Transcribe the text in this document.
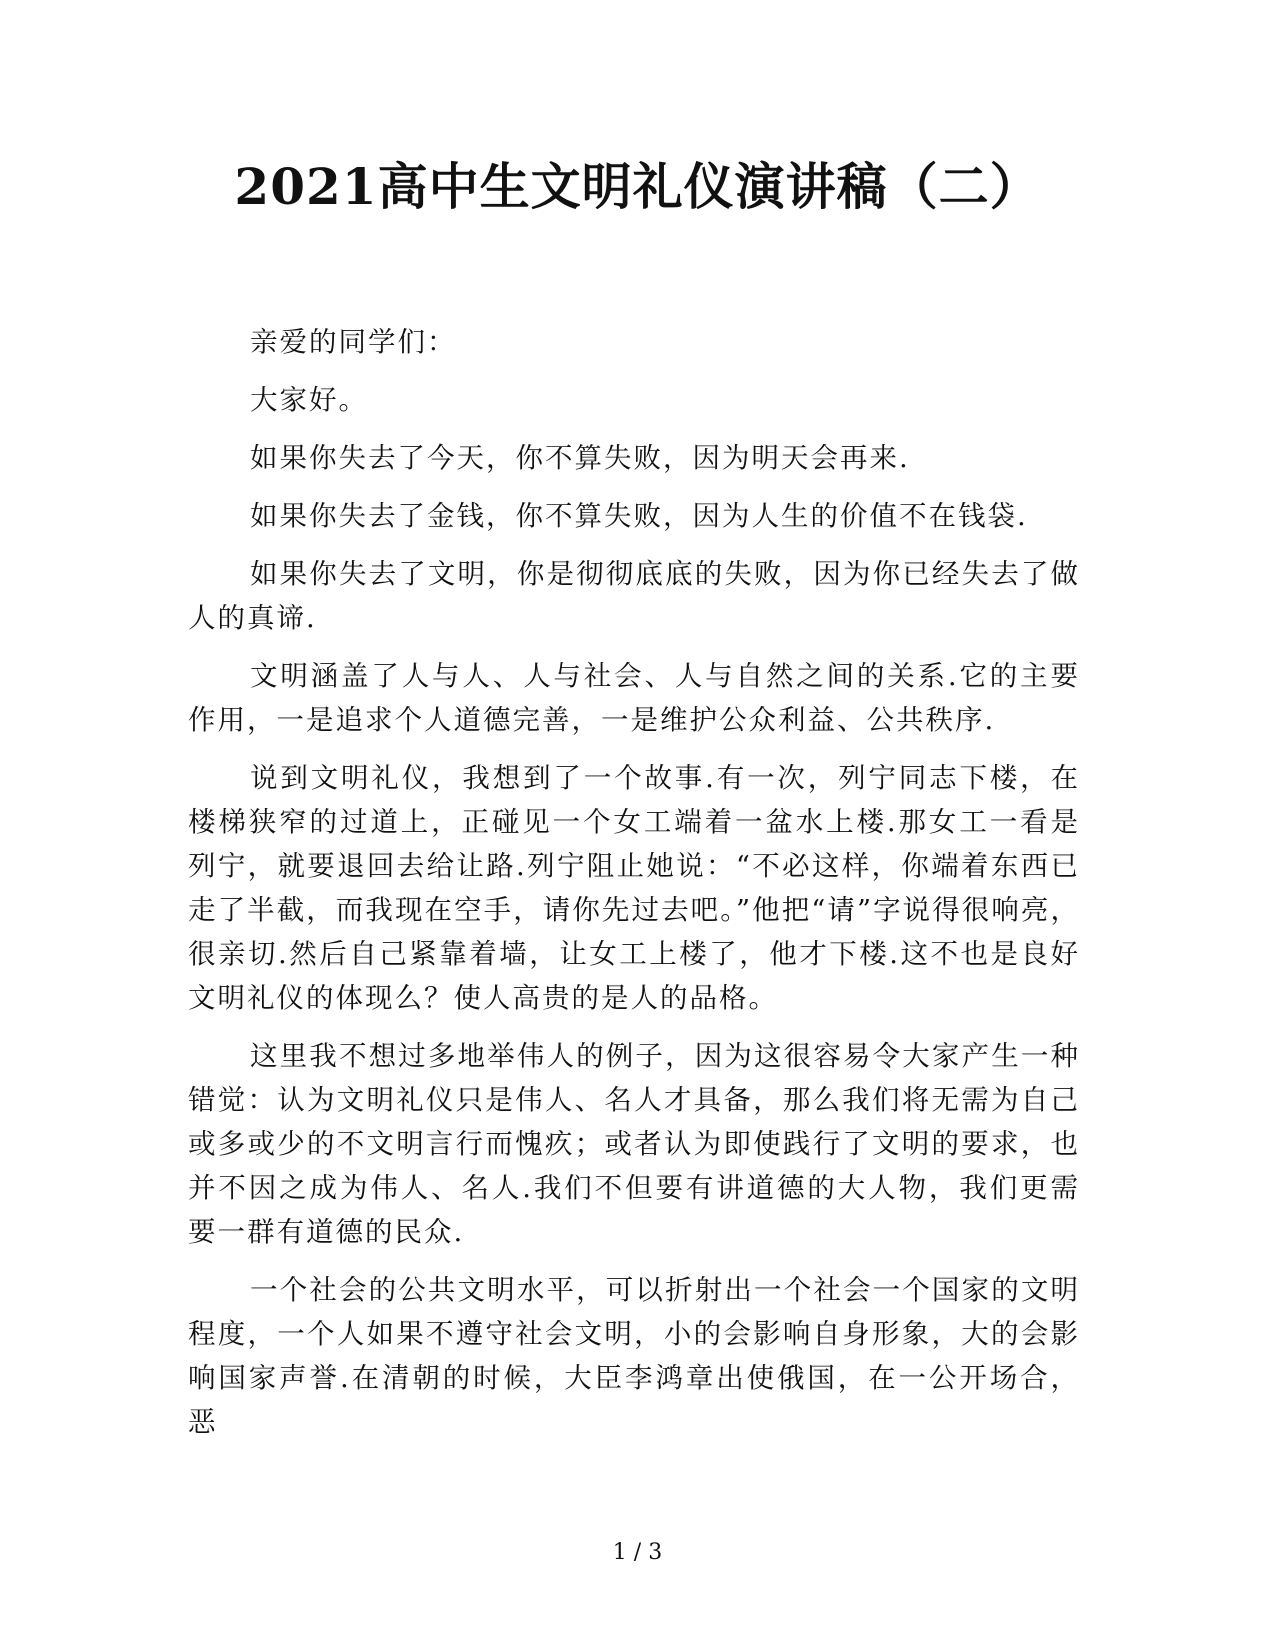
2021高中生文明礼仪演讲稿（二）

亲爱的同学们：

大家好。

如果你失去了今天，你不算失败，因为明天会再来.

如果你失去了金钱，你不算失败，因为人生的价值不在钱袋.

如果你失去了文明，你是彻彻底底的失败，因为你已经失去了做人的真谛.

文明涵盖了人与人、人与社会、人与自然之间的关系.它的主要作用，一是追求个人道德完善，一是维护公众利益、公共秩序.

说到文明礼仪，我想到了一个故事.有一次，列宁同志下楼，在楼梯狭窄的过道上，正碰见一个女工端着一盆水上楼.那女工一看是列宁，就要退回去给让路.列宁阻止她说：“不必这样，你端着东西已走了半截，而我现在空手，请你先过去吧。”他把“请”字说得很响亮，很亲切.然后自己紧靠着墙，让女工上楼了，他才下楼.这不也是良好文明礼仪的体现么？使人高贵的是人的品格。

这里我不想过多地举伟人的例子，因为这很容易令大家产生一种错觉：认为文明礼仪只是伟人、名人才具备，那么我们将无需为自己或多或少的不文明言行而愧疚；或者认为即使践行了文明的要求，也并不因之成为伟人、名人.我们不但要有讲道德的大人物，我们更需要一群有道德的民众.

一个社会的公共文明水平，可以折射出一个社会一个国家的文明程度，一个人如果不遵守社会文明，小的会影响自身形象，大的会影响国家声誉.在清朝的时候，大臣李鸿章出使俄国，在一公开场合，恶

1 / 3
